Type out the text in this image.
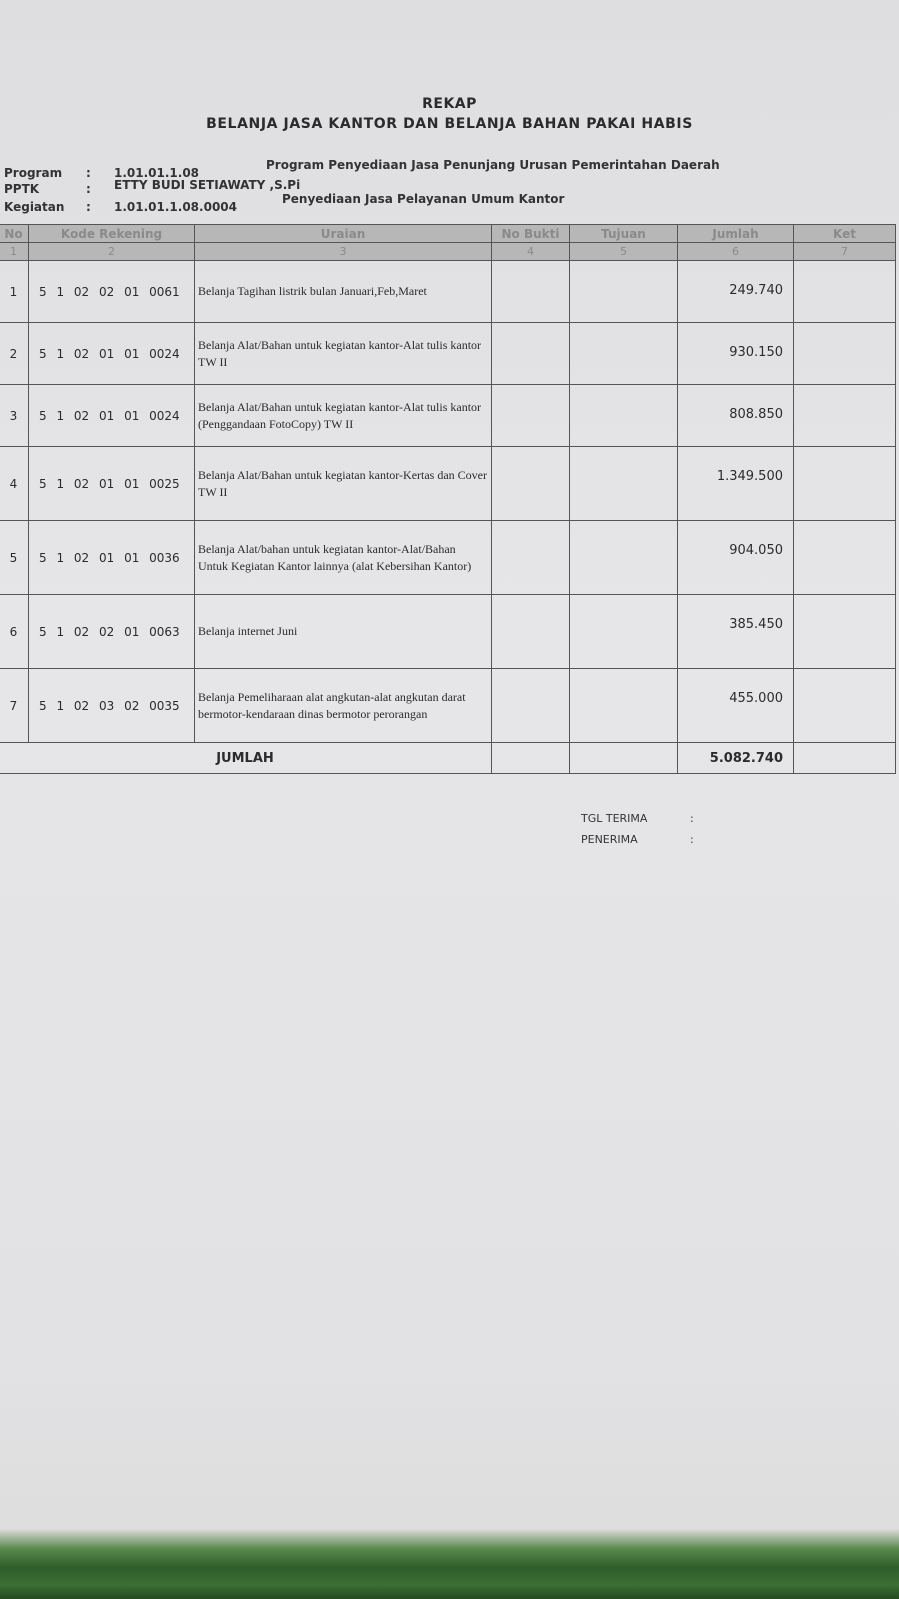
REKAP
BELANJA JASA KANTOR DAN BELANJA BAHAN PAKAI HABIS
Program : 1.01.01.1.08
Program Penyediaan Jasa Penunjang Urusan Pemerintahan Daerah
PPTK	: ETTY BUDI SETIAWATY ,S.Pi
Kegiatan : 1.01.01.1.08.0004
Penyediaan Jasa Pelayanan Umum Kantor
No	Kode Rekening	Uraian	No Bukti	Tujuan	Jumlah	Ket
1	2	3	4	5	6	7
1	5 1 02 02 01 0061	Belanja Tagihan listrik bulan Januari,Feb,Maret			249.740	
2	5 1 02 01 01 0024	Belanja Alat/Bahan untuk kegiatan kantor-Alat tulis kantor TW II			930.150	
3	5 1 02 01 01 0024	Belanja Alat/Bahan untuk kegiatan kantor-Alat tulis kantor (Penggandaan FotoCopy) TW II			808.850	
4	5 1 02 01 01 0025	Belanja Alat/Bahan untuk kegiatan kantor-Kertas dan Cover TW II			1.349.500	
5	5 1 02 01 01 0036	Belanja Alat/bahan untuk kegiatan kantor-Alat/Bahan Untuk Kegiatan Kantor lainnya (alat Kebersihan Kantor)			904.050	
6	5 1 02 02 01 0063	Belanja internet Juni			385.450	
7	5 1 02 03 02 0035	Belanja Pemeliharaan alat angkutan-alat angkutan darat bermotor-kendaraan dinas bermotor perorangan			455.000	
JUMLAH					5.082.740	
TGL TERIMA	:
PENERIMA	:
